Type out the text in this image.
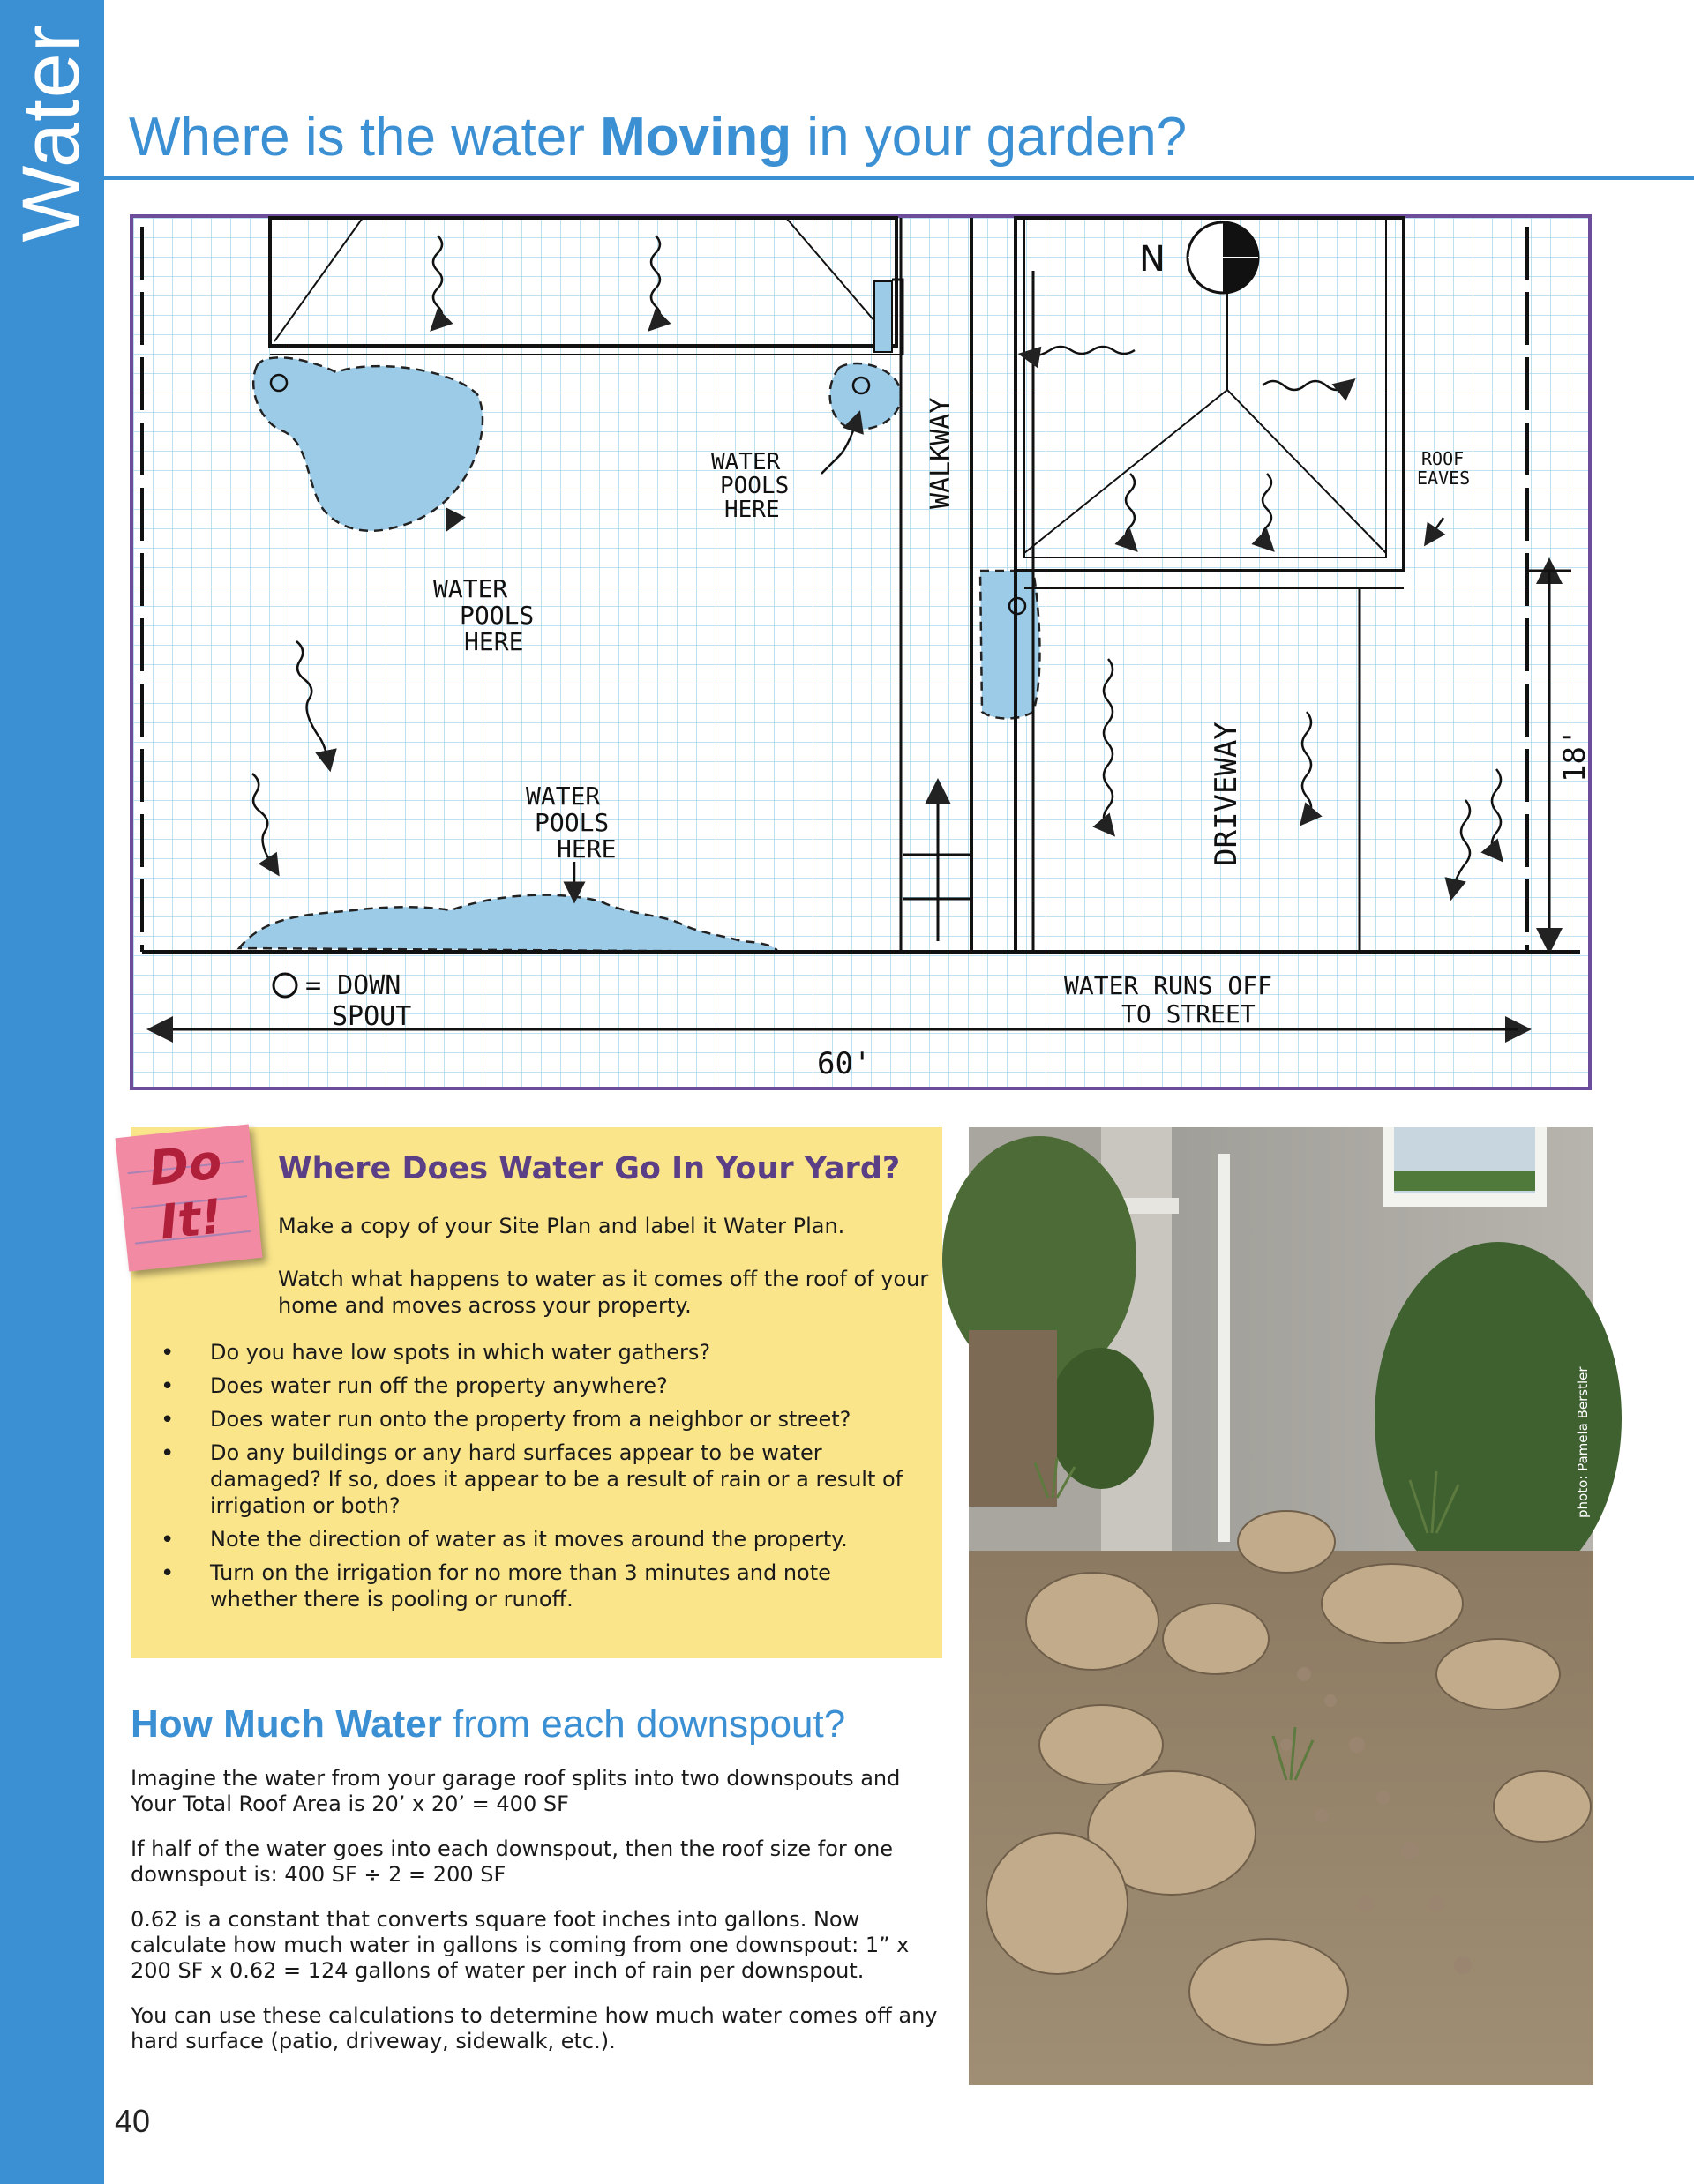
Water Where is the water Moving in your garden?
N
WATER
POOLS
HERE
WATER
POOLS
HERE
WATER
POOLS
HERE
WALKWAY
DRIVEWAY
ROOF
EAVES
= DOWN
SPOUT
WATER RUNS OFF
TO STREET
60'
18'
Do
It!
Where Does Water Go In Your Yard?
Make a copy of your Site Plan and label it Water Plan.
Watch what happens to water as it comes off the roof of your home and moves across your property.
• Do you have low spots in which water gathers?
• Does water run off the property anywhere?
• Does water run onto the property from a neighbor or street?
• Do any buildings or any hard surfaces appear to be water damaged? If so, does it appear to be a result of rain or a result of irrigation or both?
• Note the direction of water as it moves around the property.
• Turn on the irrigation for no more than 3 minutes and note whether there is pooling or runoff.
How Much Water from each downspout?
Imagine the water from your garage roof splits into two downspouts and Your Total Roof Area is 20’ x 20’ = 400 SF
If half of the water goes into each downspout, then the roof size for one downspout is: 400 SF ÷ 2 = 200 SF
0.62 is a constant that converts square foot inches into gallons. Now calculate how much water in gallons is coming from one downspout: 1” x 200 SF x 0.62 = 124 gallons of water per inch of rain per downspout.
You can use these calculations to determine how much water comes off any hard surface (patio, driveway, sidewalk, etc.).
photo: Pamela Berstler
40
